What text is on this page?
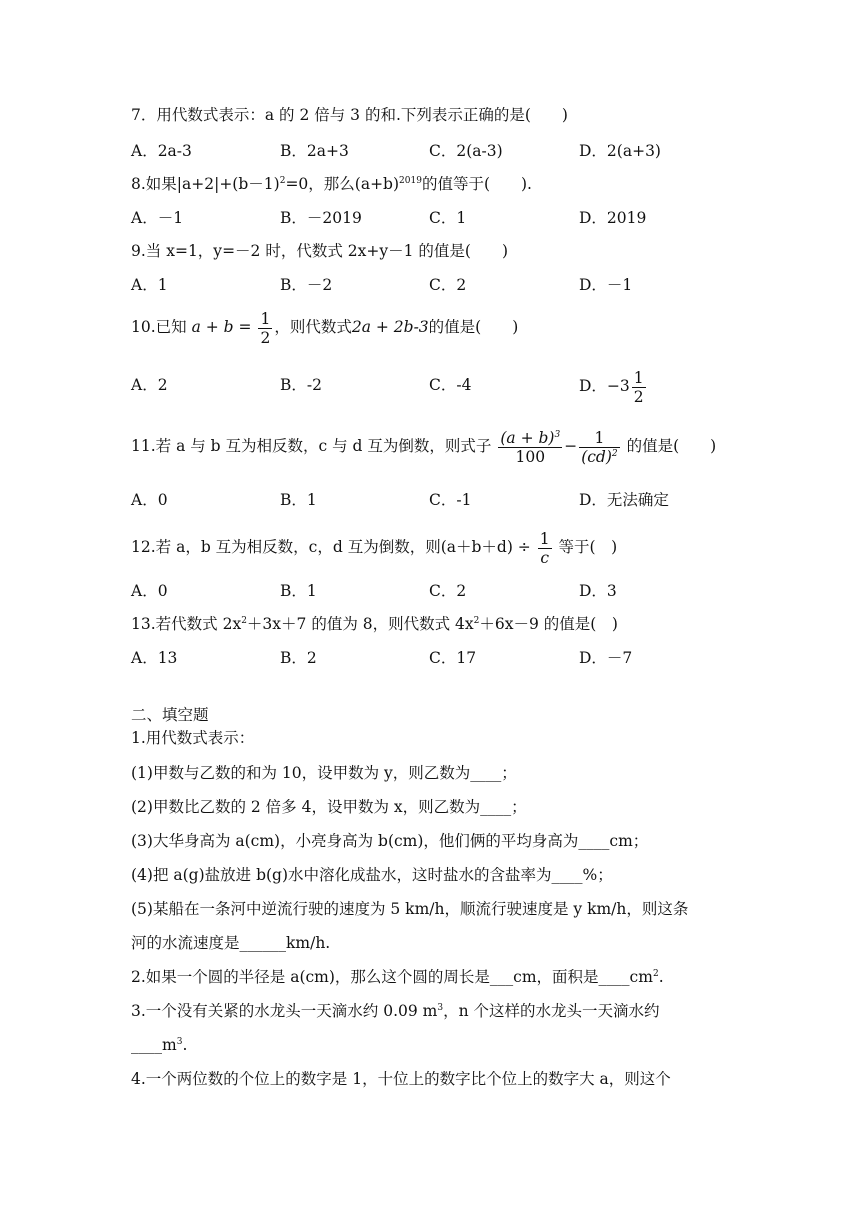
7．用代数式表示：a 的 2 倍与 3 的和.下列表示正确的是(　　)
A．2a-3	B．2a+3	C．2(a-3)	D．2(a+3)
8.如果$|a+2|+(b-1)^2=0$，那么$(a+b)^{2019}$的值等于(　　).
A．－1	B．－2019	C．1	D．2019
9.当 x=1，y=－2 时，代数式 2x+y－1 的值是(　　)
A．1	B．－2	C．2	D．－1
10.已知 $a + b = \frac{1}{2}$ ，则代数式2a + 2b-3的值是(　　)
A．2	B．-2	C．-4	D．$-3 \frac{1}{2}$
11.若 a 与 b 互为相反数，c 与 d 互为倒数，则式子 $\frac{(a + b)^3}{100} - \frac{1}{(cd)^2}$ 的值是(　　)
A．0	B．1	C．-1	D．无法确定
12.若 a，b 互为相反数，c，d 互为倒数，则$(a+b+d) \div \frac{1}{c}$ 等于(　)
A．0	B．1	C．2	D．3
13.若代数式 $2x^2+3x+7$ 的值为 8，则代数式 $4x^2+6x-9$ 的值是(　)
A．13	B．2	C．17	D．－7
二、填空题
1.用代数式表示：
(1)甲数与乙数的和为 10，设甲数为 y，则乙数为____；
(2)甲数比乙数的 2 倍多 4，设甲数为 x，则乙数为____；
(3)大华身高为 a(cm)，小亮身高为 b(cm)，他们俩的平均身高为____cm；
(4)把 a(g)盐放进 b(g)水中溶化成盐水，这时盐水的含盐率为____%；
(5)某船在一条河中逆流行驶的速度为 5 km/h，顺流行驶速度是 y km/h，则这条
河的水流速度是______km/h.
2.如果一个圆的半径是 a(cm)，那么这个圆的周长是___cm，面积是$\_\_\_\_cm^2$.
3.一个没有关紧的水龙头一天滴水约 0.09 $m^3$，n 个这样的水龙头一天滴水约
$\_\_\_\_m^3$.
4.一个两位数的个位上的数字是 1，十位上的数字比个位上的数字大 a，则这个
